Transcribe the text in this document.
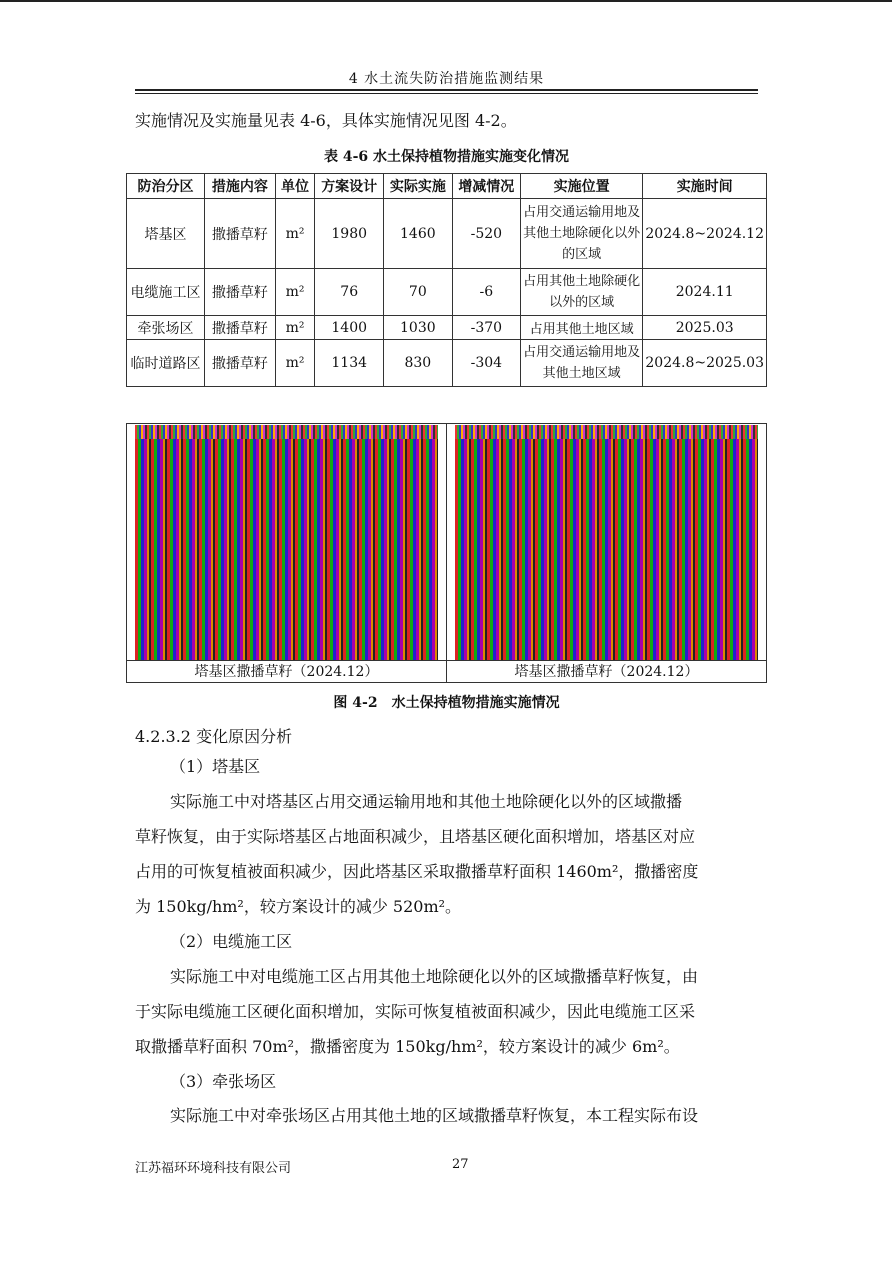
4 水土流失防治措施监测结果
实施情况及实施量见表 4-6，具体实施情况见图 4-2。
表 4-6 水土保持植物措施实施变化情况
防治分区	措施内容	单位	方案设计	实际实施	增减情况	实施位置	实施时间
塔基区	撒播草籽	m²	1980	1460	-520	占用交通运输用地及其他土地除硬化以外的区域	2024.8~2024.12
电缆施工区	撒播草籽	m²	76	70	-6	占用其他土地除硬化以外的区域	2024.11
牵张场区	撒播草籽	m²	1400	1030	-370	占用其他土地区域	2025.03
临时道路区	撒播草籽	m²	1134	830	-304	占用交通运输用地及其他土地区域	2024.8~2025.03
塔基区撒播草籽（2024.12）	塔基区撒播草籽（2024.12）
图 4-2　水土保持植物措施实施情况
4.2.3.2 变化原因分析
（1）塔基区
实际施工中对塔基区占用交通运输用地和其他土地除硬化以外的区域撒播
草籽恢复，由于实际塔基区占地面积减少，且塔基区硬化面积增加，塔基区对应
占用的可恢复植被面积减少，因此塔基区采取撒播草籽面积 1460m²，撒播密度
为 150kg/hm²，较方案设计的减少 520m²。
（2）电缆施工区
实际施工中对电缆施工区占用其他土地除硬化以外的区域撒播草籽恢复，由
于实际电缆施工区硬化面积增加，实际可恢复植被面积减少，因此电缆施工区采
取撒播草籽面积 70m²，撒播密度为 150kg/hm²，较方案设计的减少 6m²。
（3）牵张场区
实际施工中对牵张场区占用其他土地的区域撒播草籽恢复，本工程实际布设
江苏福环环境科技有限公司	27
